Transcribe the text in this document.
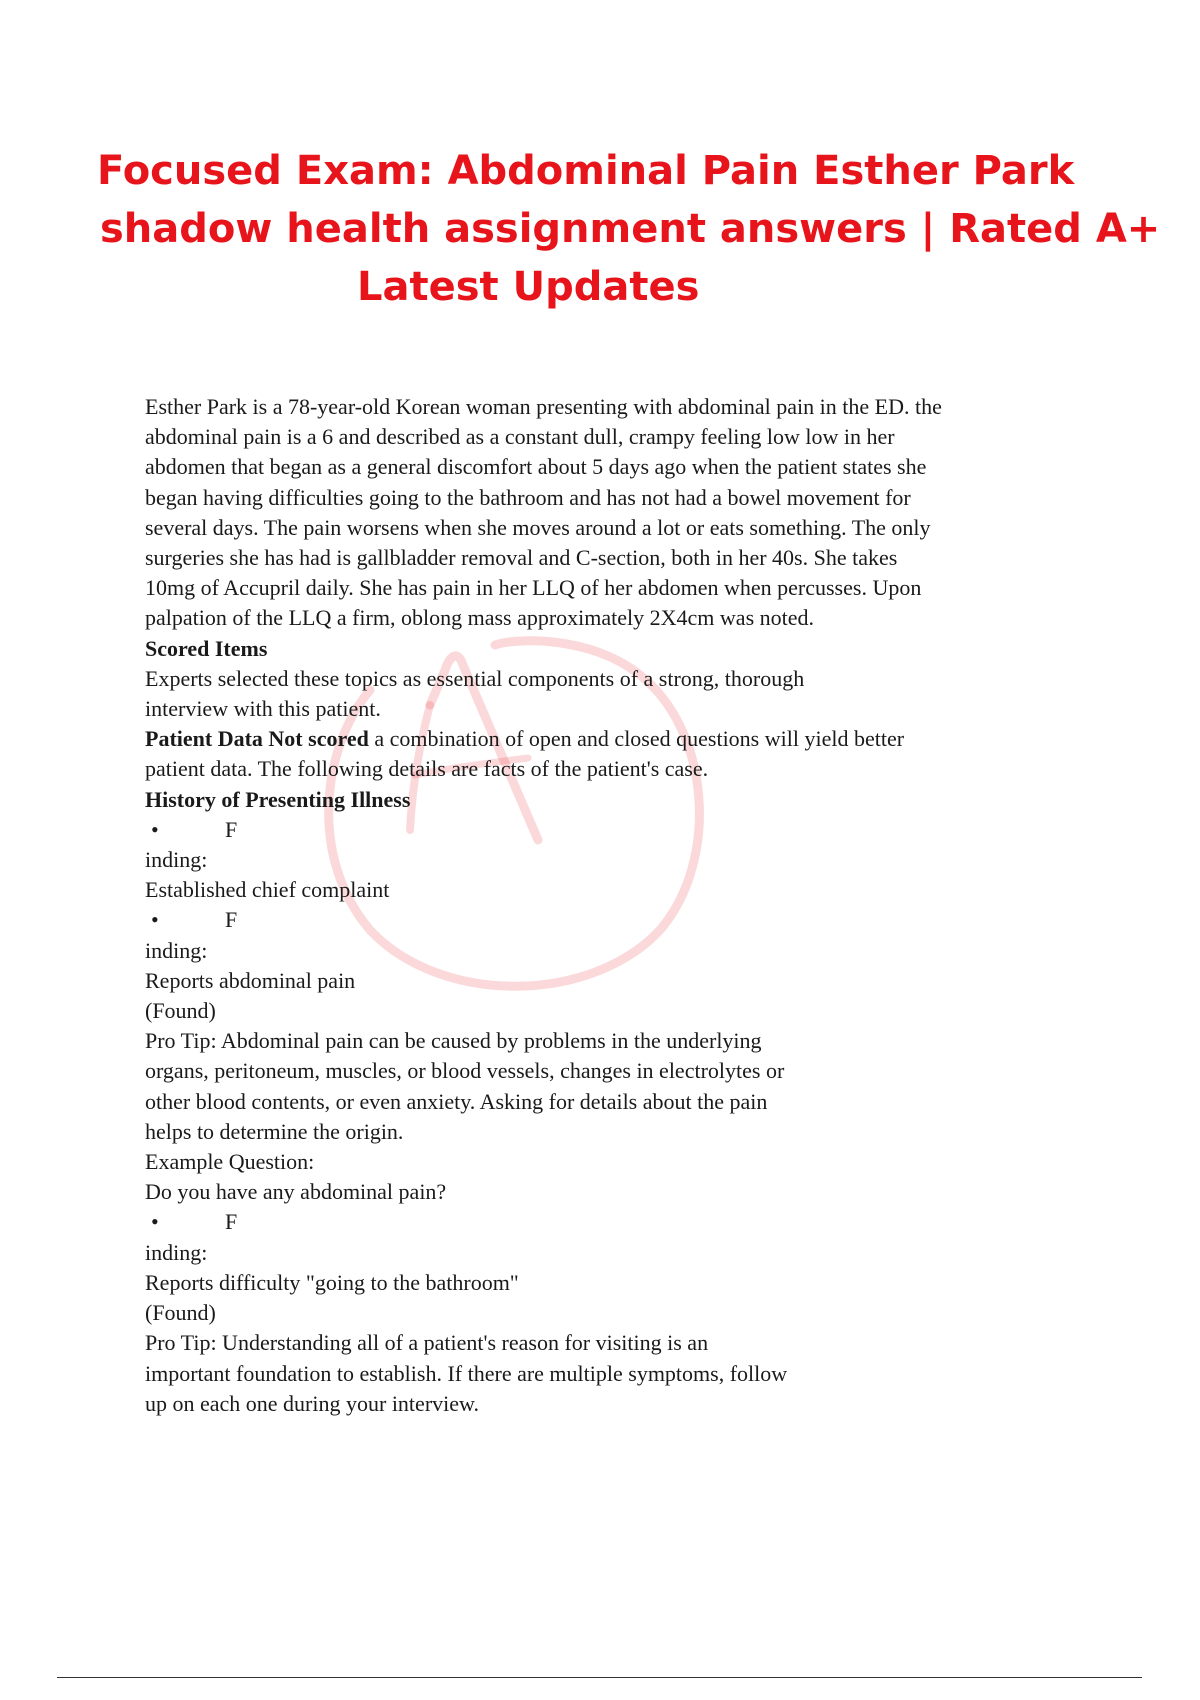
Focused Exam: Abdominal Pain Esther Park
shadow health assignment answers | Rated A+
Latest Updates

Esther Park is a 78-year-old Korean woman presenting with abdominal pain in the ED. the abdominal pain is a 6 and described as a constant dull, crampy feeling low low in her abdomen that began as a general discomfort about 5 days ago when the patient states she began having difficulties going to the bathroom and has not had a bowel movement for several days. The pain worsens when she moves around a lot or eats something. The only surgeries she has had is gallbladder removal and C-section, both in her 40s. She takes 10mg of Accupril daily. She has pain in her LLQ of her abdomen when percusses. Upon palpation of the LLQ a firm, oblong mass approximately 2X4cm was noted.

Scored Items

Experts selected these topics as essential components of a strong, thorough interview with this patient.

Patient Data Not scored a combination of open and closed questions will yield better patient data. The following details are facts of the patient's case.

History of Presenting Illness

•	F

inding:

Established chief complaint

•	F

inding:

Reports abdominal pain

(Found)

Pro Tip: Abdominal pain can be caused by problems in the underlying organs, peritoneum, muscles, or blood vessels, changes in electrolytes or other blood contents, or even anxiety. Asking for details about the pain helps to determine the origin.

Example Question:

Do you have any abdominal pain?

•	F

inding:

Reports difficulty "going to the bathroom"

(Found)

Pro Tip: Understanding all of a patient's reason for visiting is an important foundation to establish. If there are multiple symptoms, follow up on each one during your interview.
